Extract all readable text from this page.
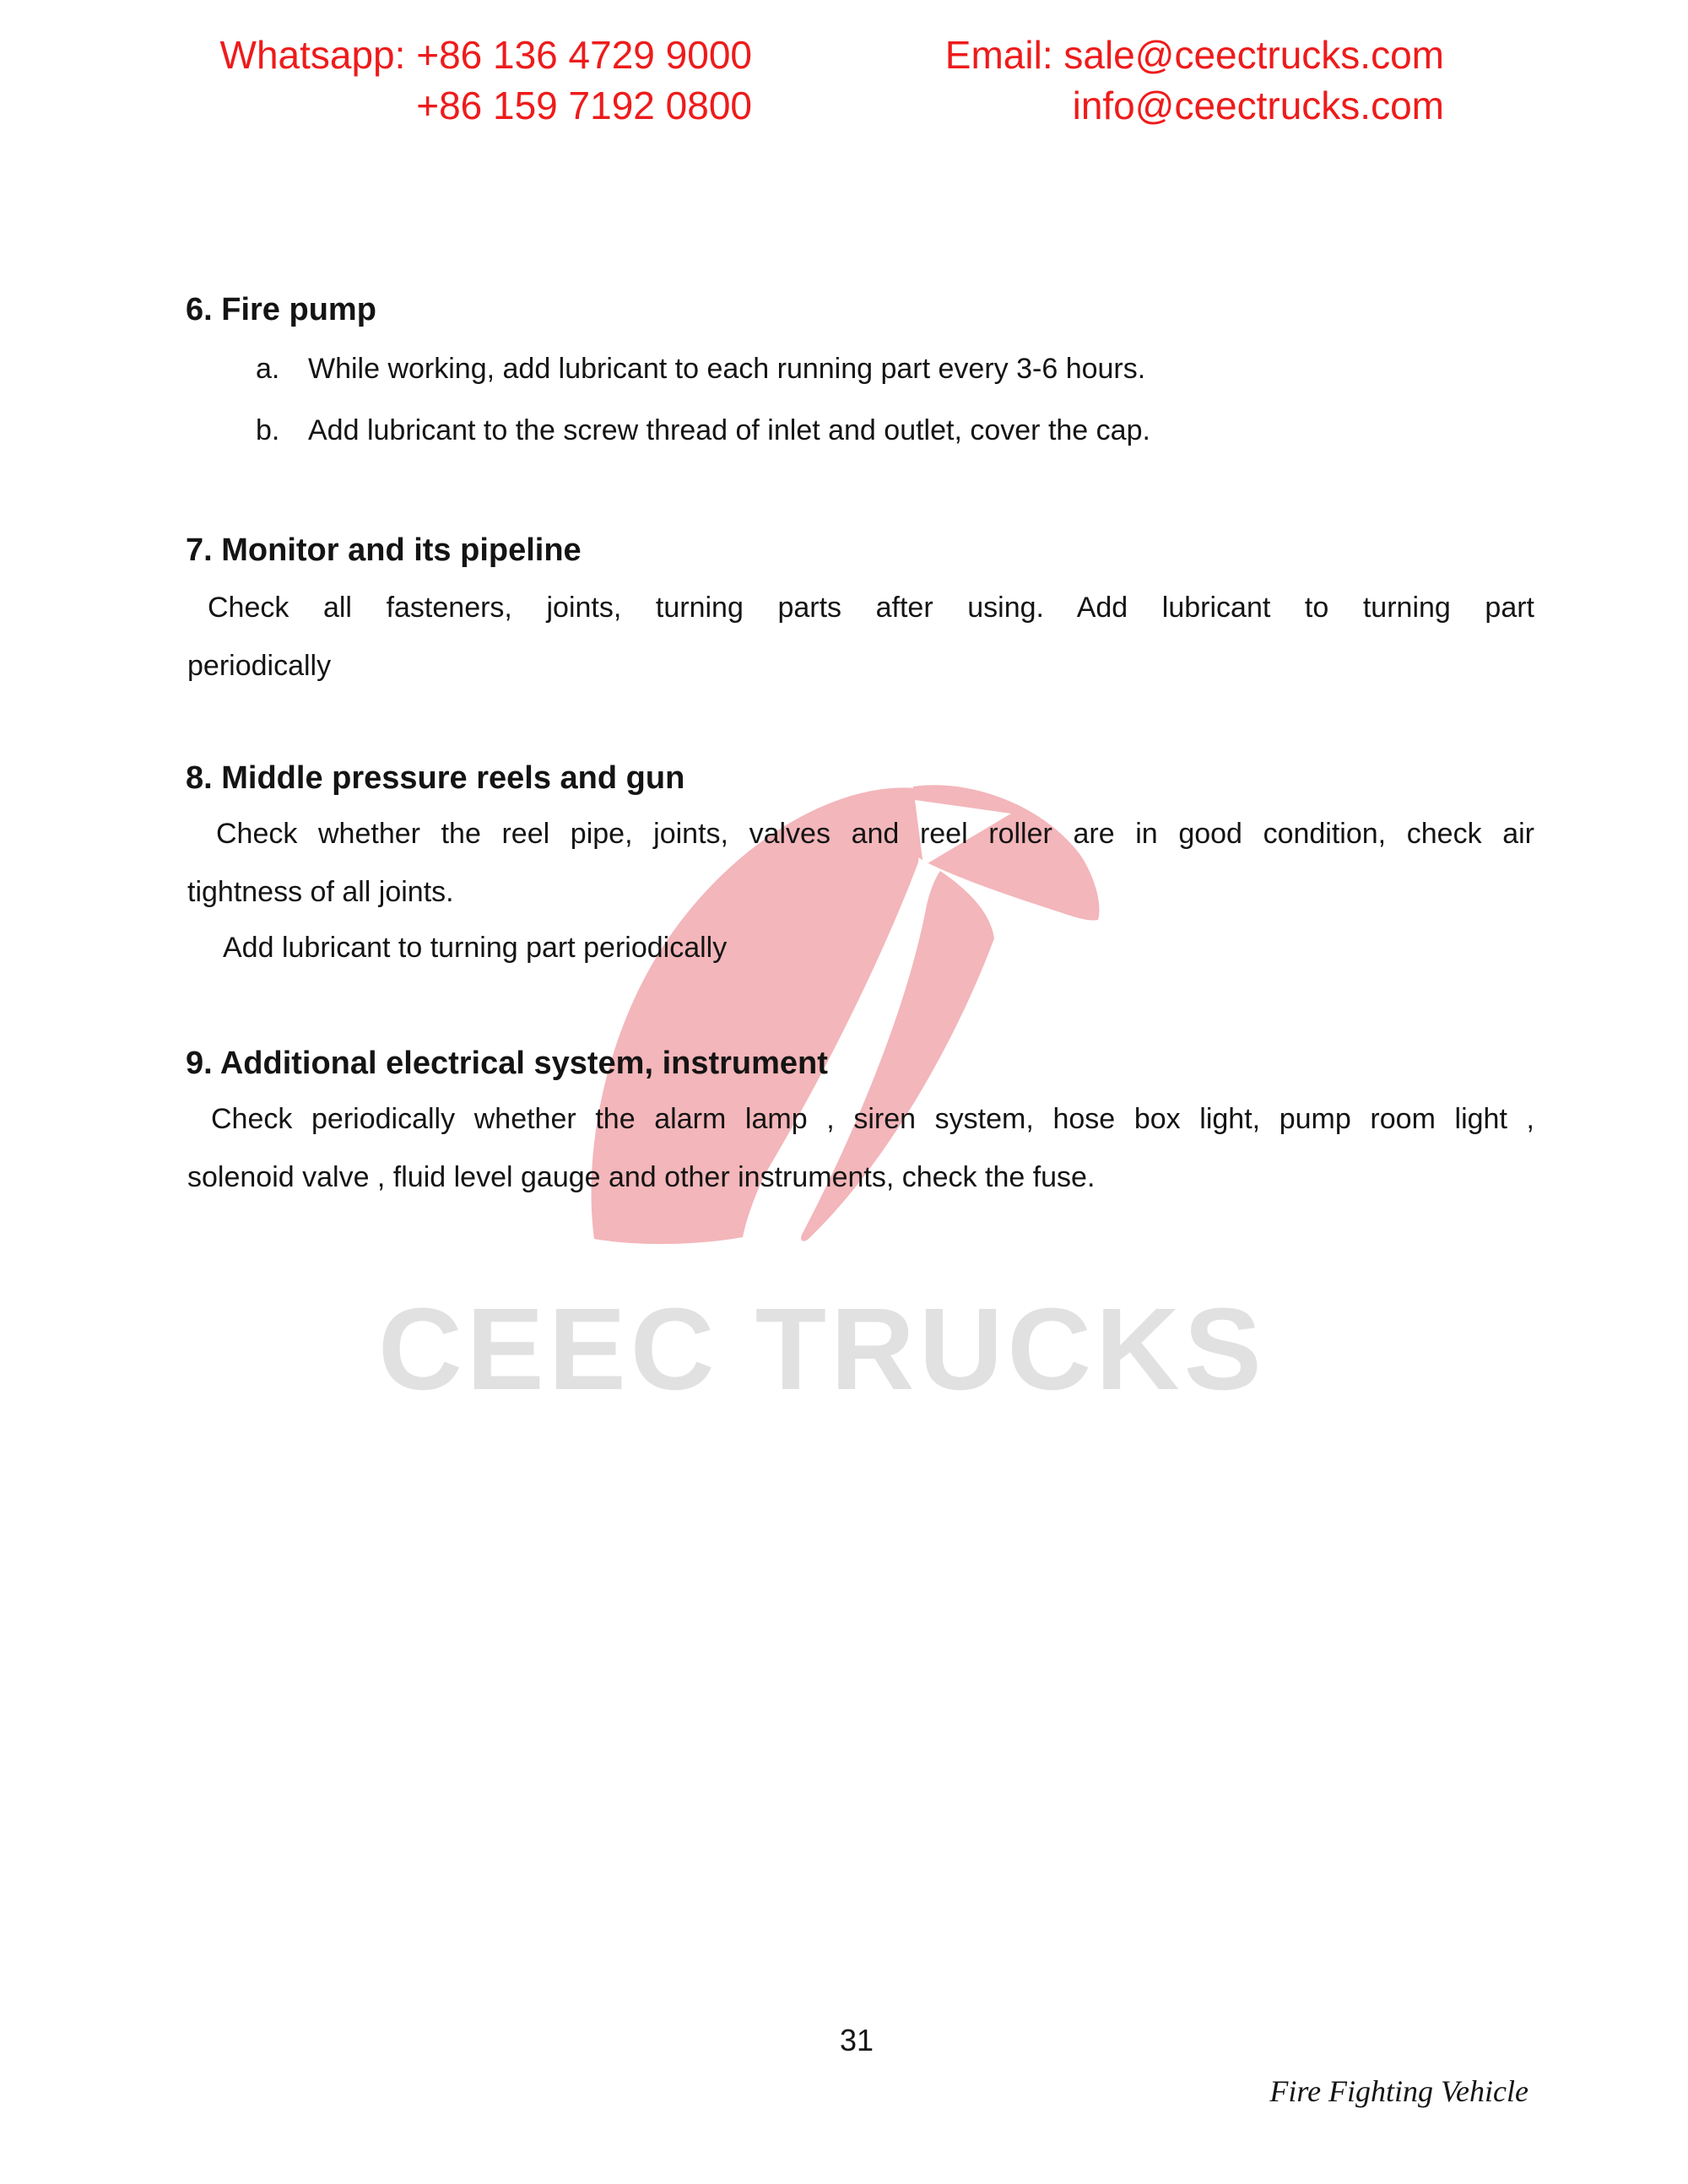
CEEC TRUCKS
Whatsapp: +86 136 4729 9000
+86 159 7192 0800
Email: sale@ceectrucks.com
info@ceectrucks.com
6. Fire pump
a. While working, add lubricant to each running part every 3-6 hours.
b. Add lubricant to the screw thread of inlet and outlet, cover the cap.
7. Monitor and its pipeline
Check all fasteners, joints, turning parts after using. Add lubricant to turning part
periodically
8. Middle pressure reels and gun
Check whether the reel pipe, joints, valves and reel roller are in good condition, check air
tightness of all joints.
Add lubricant to turning part periodically
9. Additional electrical system, instrument
Check periodically whether the alarm lamp , siren system, hose box light, pump room light ,
solenoid valve , fluid level gauge and other instruments, check the fuse.
31
Fire Fighting Vehicle
